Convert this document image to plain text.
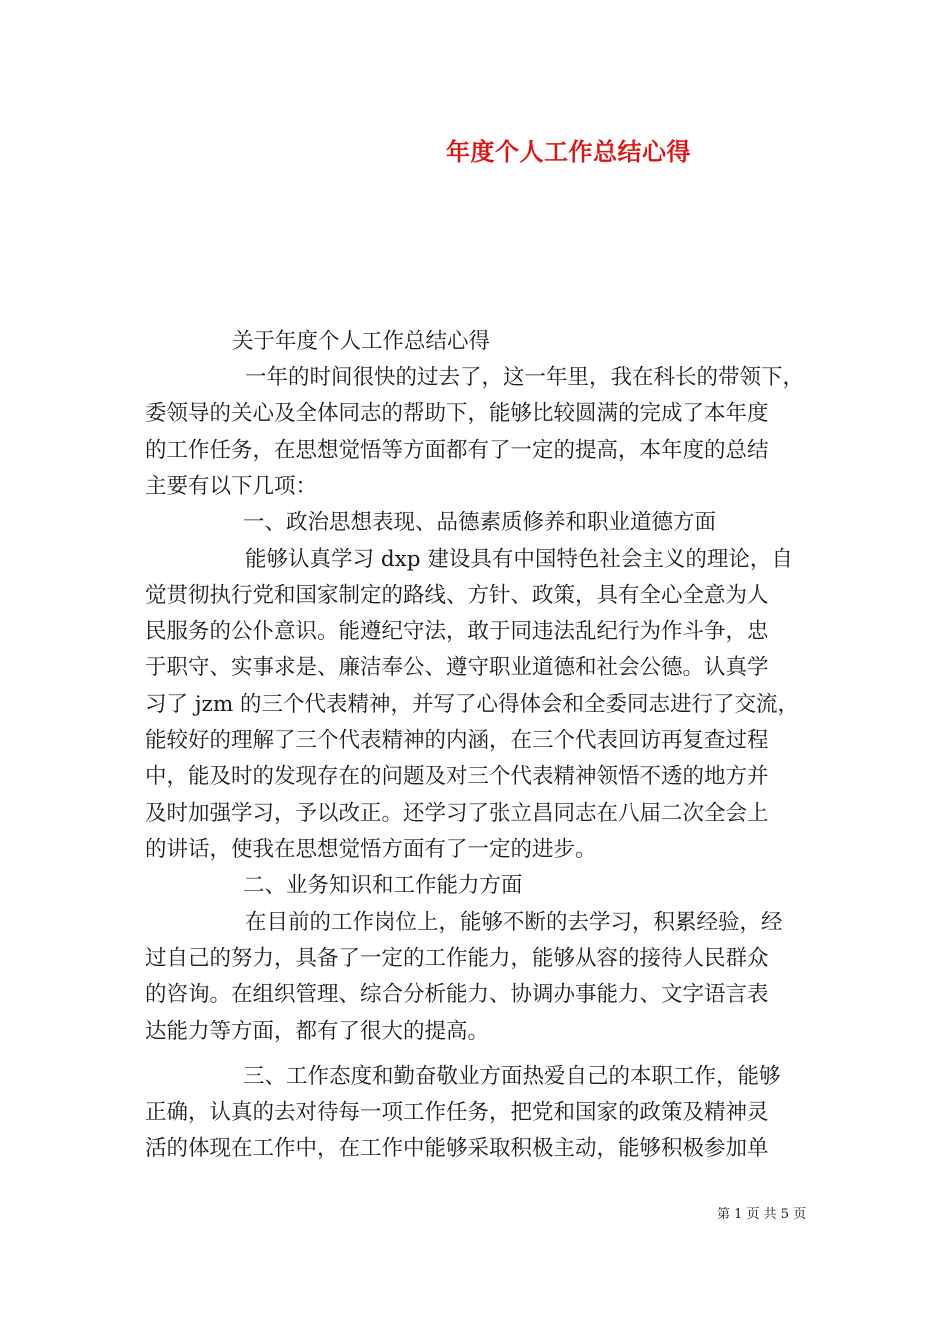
年度个人工作总结心得
关于年度个人工作总结心得
一年的时间很快的过去了，这一年里，我在科长的带领下，
委领导的关心及全体同志的帮助下，能够比较圆满的完成了本年度
的工作任务，在思想觉悟等方面都有了一定的提高，本年度的总结
主要有以下几项：
一、政治思想表现、品德素质修养和职业道德方面
能够认真学习 dxp 建设具有中国特色社会主义的理论，自
觉贯彻执行党和国家制定的路线、方针、政策，具有全心全意为人
民服务的公仆意识。能遵纪守法，敢于同违法乱纪行为作斗争，忠
于职守、实事求是、廉洁奉公、遵守职业道德和社会公德。认真学
习了 jzm 的三个代表精神，并写了心得体会和全委同志进行了交流，
能较好的理解了三个代表精神的内涵，在三个代表回访再复查过程
中，能及时的发现存在的问题及对三个代表精神领悟不透的地方并
及时加强学习，予以改正。还学习了张立昌同志在八届二次全会上
的讲话，使我在思想觉悟方面有了一定的进步。
二、业务知识和工作能力方面
在目前的工作岗位上，能够不断的去学习，积累经验，经
过自己的努力，具备了一定的工作能力，能够从容的接待人民群众
的咨询。在组织管理、综合分析能力、协调办事能力、文字语言表
达能力等方面，都有了很大的提高。
三、工作态度和勤奋敬业方面热爱自己的本职工作，能够
正确，认真的去对待每一项工作任务，把党和国家的政策及精神灵
活的体现在工作中，在工作中能够采取积极主动，能够积极参加单
第 1 页 共 5 页
